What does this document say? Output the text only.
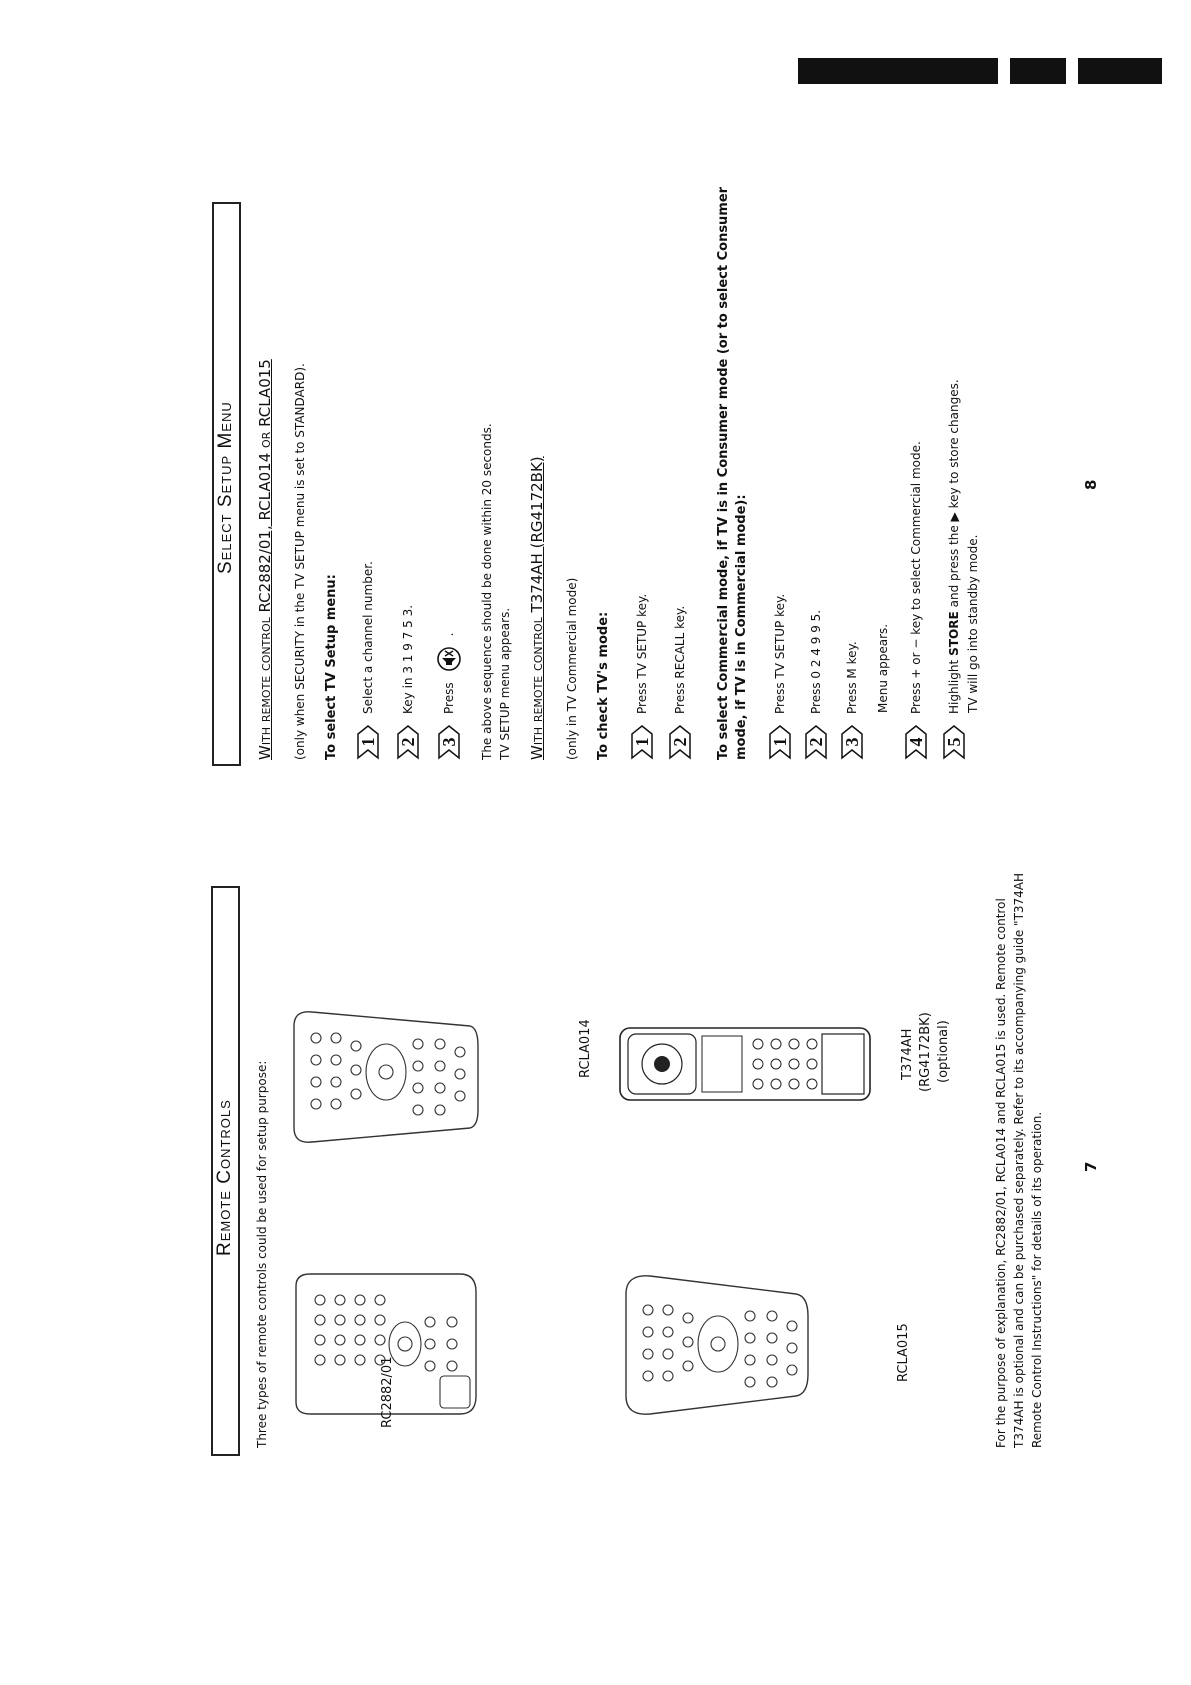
Remote Controls Three types of remote controls could be used for setup purpose:	RC2882/01
RCLA014
RCLA015
T374AH (RG4172BK) (optional)	For the purpose of explanation, RC2882/01, RCLA014 and RCLA015 is used. Remote control T374AH is optional and can be purchased separately. Refer to its accompanying guide "T374AH Remote Control Instructions" for details of its operation.	7
Select Setup Menu With remote control RC2882/01, RCLA014 or RCLA015 (only when SECURITY in the TV SETUP menu is set to STANDARD). To select TV Setup menu: 1
Select a channel number.
2
Key in 3 1 9 7 5 3.
3
Press
. The above sequence should be done within 20 seconds. TV SETUP menu appears. With remote control T374AH (RG4172BK) (only in TV Commercial mode) To check TV's mode: 1
Press TV SETUP key.
2
Press RECALL key. To select Commercial mode, if TV is in Consumer mode (or to select Consumer mode, if TV is in Commercial mode): 1
Press TV SETUP key.
2
Press 0 2 4 9 9 5.
3
Press M key. Menu appears.
4
Press + or − key to select Commercial mode.
5
Highlight
STORE
and press the ▶ key to store changes.
TV will go into standby mode.
8
